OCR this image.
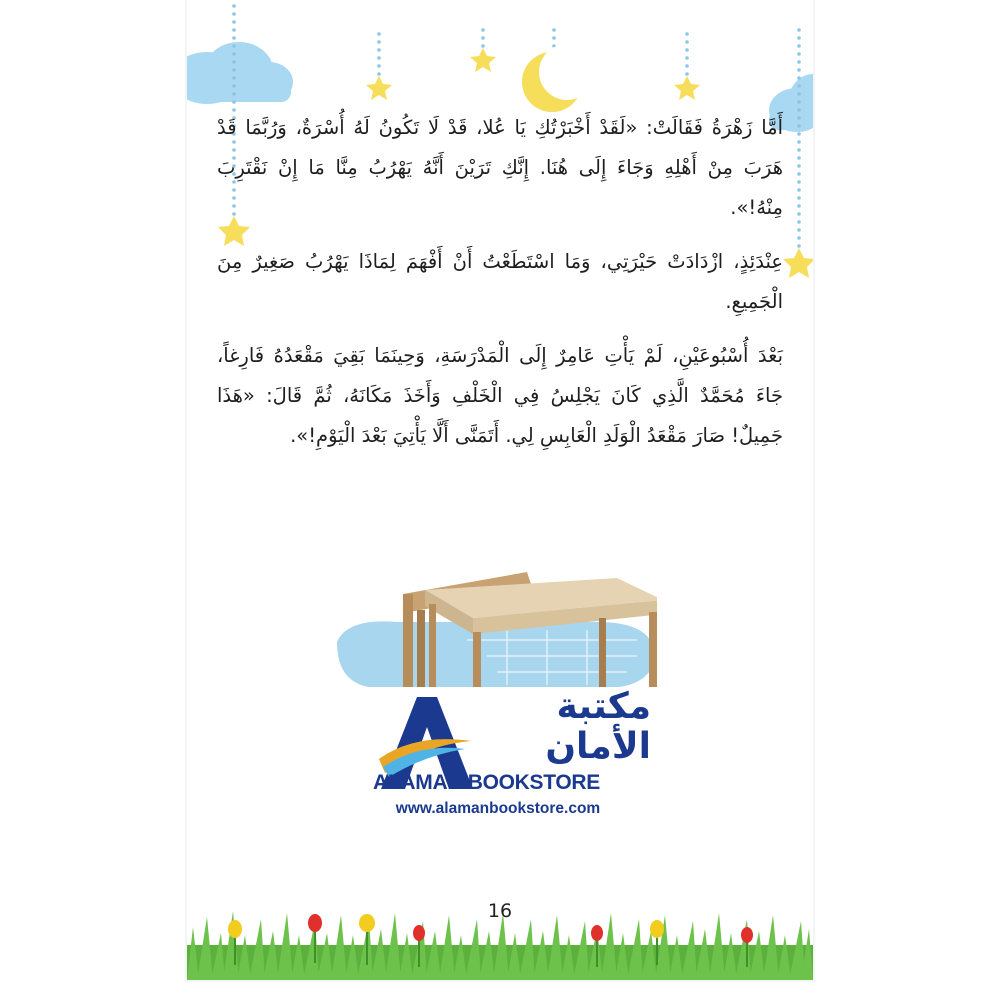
أَمَّا زَهْرَةُ فَقَالَتْ: «لَقَدْ أَخْبَرْتُكِ يَا عُلا، قَدْ لَا تَكُونُ لَهُ أُسْرَةٌ، وَرُبَّمَا قَدْ هَرَبَ مِنْ أَهْلِهِ وَجَاءَ إِلَى هُنَا. إِنَّكِ تَرَيْنَ أَنَّهُ يَهْرُبُ مِنَّا مَا إِنْ نَقْتَرِبَ مِنْهُ!».

عِنْدَئِذٍ، ازْدَادَتْ حَيْرَتِي، وَمَا اسْتَطَعْتُ أَنْ أَفْهَمَ لِمَاذَا يَهْرُبُ صَغِيرٌ مِنَ الْجَمِيعِ.

بَعْدَ أُسْبُوعَيْنِ، لَمْ يَأْتِ عَامِرٌ إِلَى الْمَدْرَسَةِ، وَحِينَمَا بَقِيَ مَقْعَدُهُ فَارِغاً، جَاءَ مُحَمَّدٌ الَّذِي كَانَ يَجْلِسُ فِي الْخَلْفِ وَأَخَذَ مَكَانَهُ، ثُمَّ قَالَ: «هَذَا جَمِيلٌ! صَارَ مَقْعَدُ الْوَلَدِ الْعَابِسِ لِي. أَتَمَنَّى أَلَّا يَأْتِيَ بَعْدَ الْيَوْمِ!».

16
مكتبة
الأمان
ALAMAN BOOKSTORE
www.alamanbookstore.com
